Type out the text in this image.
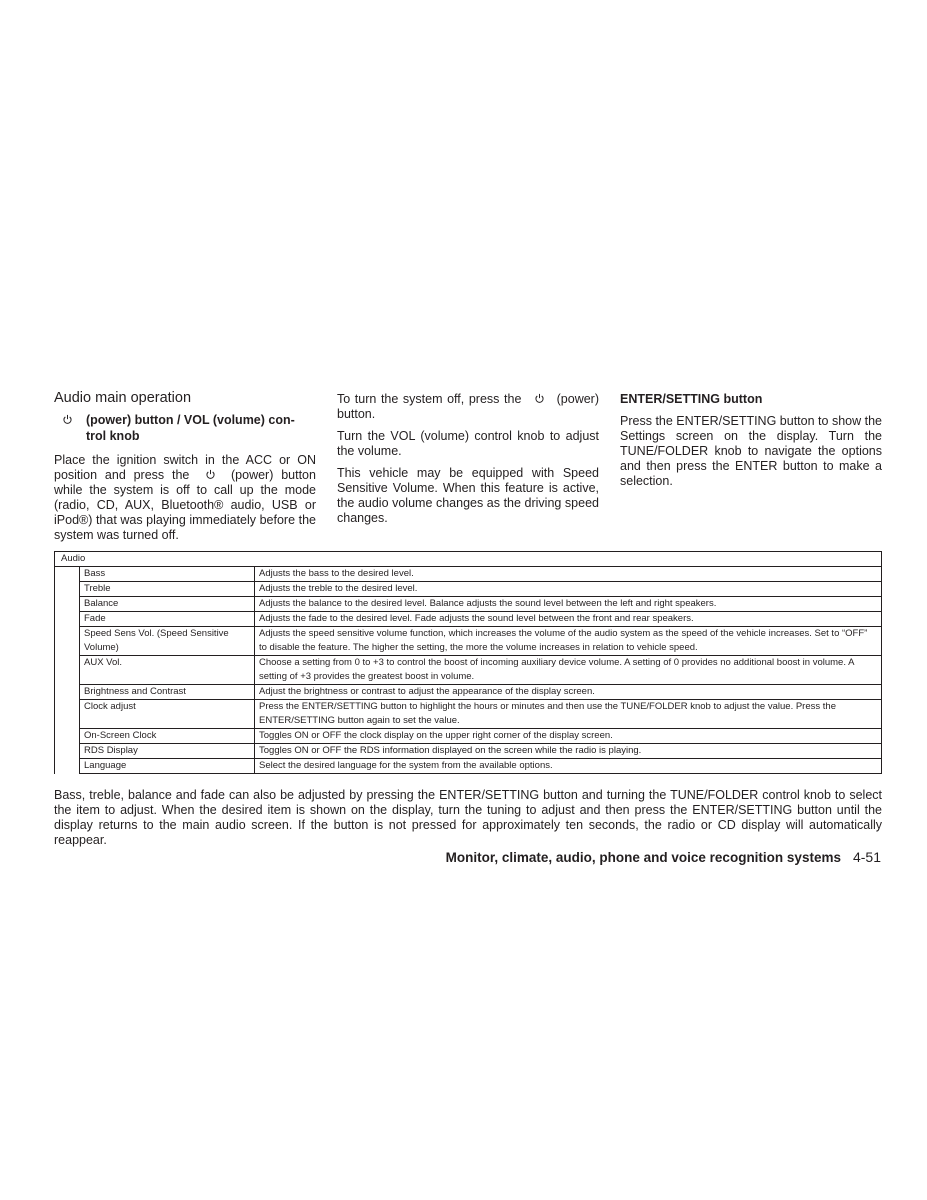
Audio main operation
(power) button / VOL (volume) con-
trol knob

Place the ignition switch in the ACC or ON position and press the	(power) button while the system is off to call up the mode (radio, CD, AUX, Bluetooth® audio, USB or iPod®) that was playing immediately before the system was turned off.

To turn the system off, press the	(power) button.

Turn the VOL (volume) control knob to adjust the volume.

This vehicle may be equipped with Speed Sensitive Volume. When this feature is active, the audio volume changes as the driving speed changes.

ENTER/SETTING button

Press the ENTER/SETTING button to show the Settings screen on the display. Turn the TUNE/FOLDER knob to navigate the options and then press the ENTER button to make a selection.

Audio		
	Bass	Adjusts the bass to the desired level.
	Treble	Adjusts the treble to the desired level.
	Balance	Adjusts the balance to the desired level. Balance adjusts the sound level between the left and right speakers.
	Fade	Adjusts the fade to the desired level. Fade adjusts the sound level between the front and rear speakers.
	Speed Sens Vol. (Speed Sensitive Volume)	Adjusts the speed sensitive volume function, which increases the volume of the audio system as the speed of the vehicle increases. Set to “OFF” to disable the feature. The higher the setting, the more the volume increases in relation to vehicle speed.
	AUX Vol.	Choose a setting from 0 to +3 to control the boost of incoming auxiliary device volume. A setting of 0 provides no additional boost in volume. A setting of +3 provides the greatest boost in volume.
	Brightness and Contrast	Adjust the brightness or contrast to adjust the appearance of the display screen.
	Clock adjust	Press the ENTER/SETTING button to highlight the hours or minutes and then use the TUNE/FOLDER knob to adjust the value. Press the ENTER/SETTING button again to set the value.
	On-Screen Clock	Toggles ON or OFF the clock display on the upper right corner of the display screen.
	RDS Display	Toggles ON or OFF the RDS information displayed on the screen while the radio is playing.
	Language	Select the desired language for the system from the available options.

Bass, treble, balance and fade can also be adjusted by pressing the ENTER/SETTING button and turning the TUNE/FOLDER control knob to select the item to adjust. When the desired item is shown on the display, turn the tuning to adjust and then press the ENTER/SETTING button until the display returns to the main audio screen. If the button is not pressed for approximately ten seconds, the radio or CD display will automatically reappear.

Monitor, climate, audio, phone and voice recognition systems 4-51
